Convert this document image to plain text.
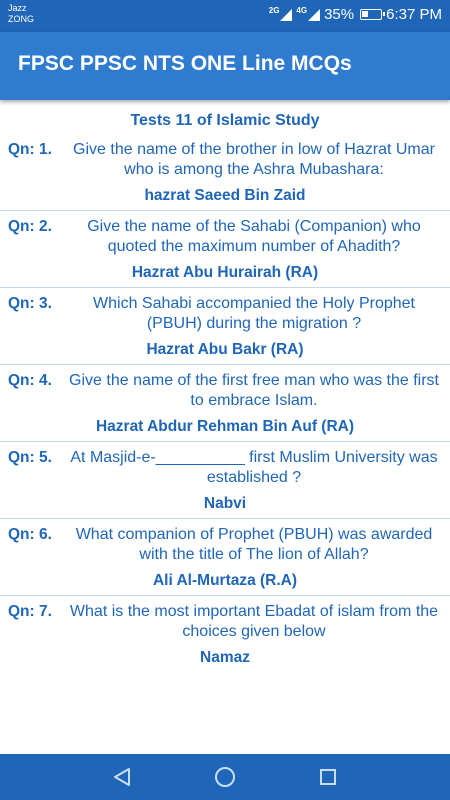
Jazz
ZONG
2G 4G 35% 6:37 PM
FPSC PPSC NTS ONE Line MCQs
Tests 11 of Islamic Study
Qn: 1.	Give the name of the brother in low of Hazrat Umar who is among the Ashra Mubashara:
hazrat Saeed Bin Zaid
Qn: 2.	Give the name of the Sahabi (Companion) who quoted the maximum number of Ahadith?
Hazrat Abu Hurairah (RA)
Qn: 3.	Which Sahabi accompanied the Holy Prophet (PBUH) during the migration ?
Hazrat Abu Bakr (RA)
Qn: 4.	Give the name of the first free man who was the first to embrace Islam.
Hazrat Abdur Rehman Bin Auf (RA)
Qn: 5.	At Masjid-e-__________ first Muslim University was established ?
Nabvi
Qn: 6.	What companion of Prophet (PBUH) was awarded with the title of The lion of Allah?
Ali Al-Murtaza (R.A)
Qn: 7.	What is the most important Ebadat of islam from the choices given below
Namaz
